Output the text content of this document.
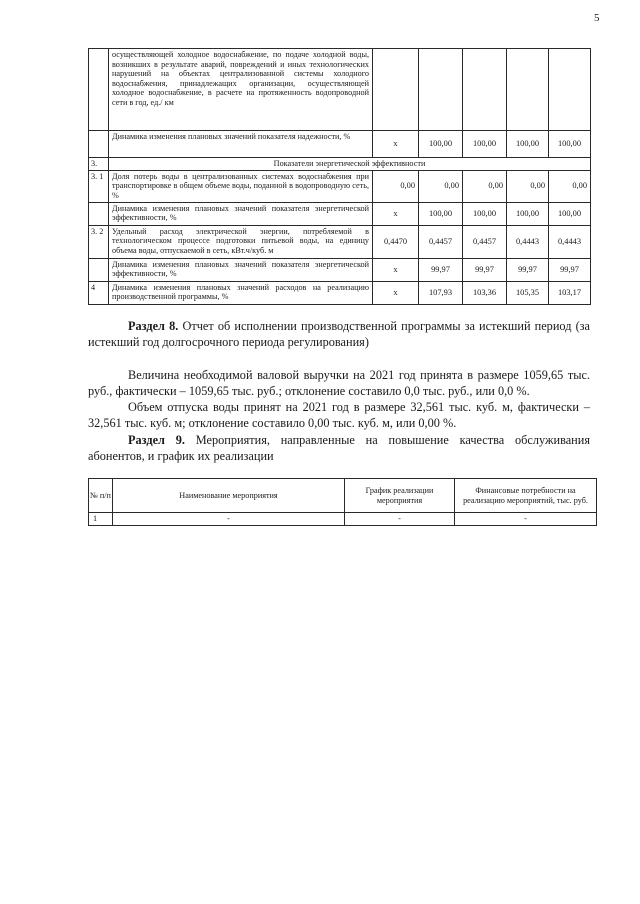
5
	осуществляющей холодное водоснабжение, по подаче холодной воды, возникших в результате аварий, повреждений и иных технологических нарушений на объектах централизованной системы холодного водоснабжения, принадлежащих организации, осуществляющей холодное водоснабжение, в расчете на протяженность водопроводной сети в год, ед./ км					
	Динамика изменения плановых значений показателя надежности, %	х	100,00	100,00	100,00	100,00
3.	Показатели энергетической эффективности					
3. 1	Доля потерь воды в централизованных системах водоснабжения при транспортировке в общем объеме воды, поданной в водопроводную сеть, %	0,00	0,00	0,00	0,00	0,00
	Динамика изменения плановых значений показателя энергетической эффективности, %	х	100,00	100,00	100,00	100,00
3. 2	Удельный расход электрической энергии, потребляемой в технологическом процессе подготовки питьевой воды, на единицу объема воды, отпускаемой в сеть, кВт.ч/куб. м	0,4470	0,4457	0,4457	0,4443	0,4443
	Динамика изменения плановых значений показателя энергетической эффективности, %	х	99,97	99,97	99,97	99,97
4	Динамика изменения плановых значений расходов на реализацию производственной программы, %	х	107,93	103,36	105,35	103,17

Раздел 8. Отчет об исполнении производственной программы за истекший период (за истекший год долгосрочного периода регулирования)

Величина необходимой валовой выручки на 2021 год принята в размере 1059,65 тыс. руб., фактически – 1059,65 тыс. руб.; отклонение составило 0,0 тыс. руб., или 0,0 %.

Объем отпуска воды принят на 2021 год в размере 32,561 тыс. куб. м, фактически – 32,561 тыс. куб. м; отклонение составило 0,00 тыс. куб. м, или 0,00 %.

Раздел 9. Мероприятия, направленные на повышение качества обслуживания абонентов, и график их реализации

№ п/п	Наименование мероприятия	График реализации мероприятия	Финансовые потребности на реализацию мероприятий, тыс. руб.
1	-	-	-
